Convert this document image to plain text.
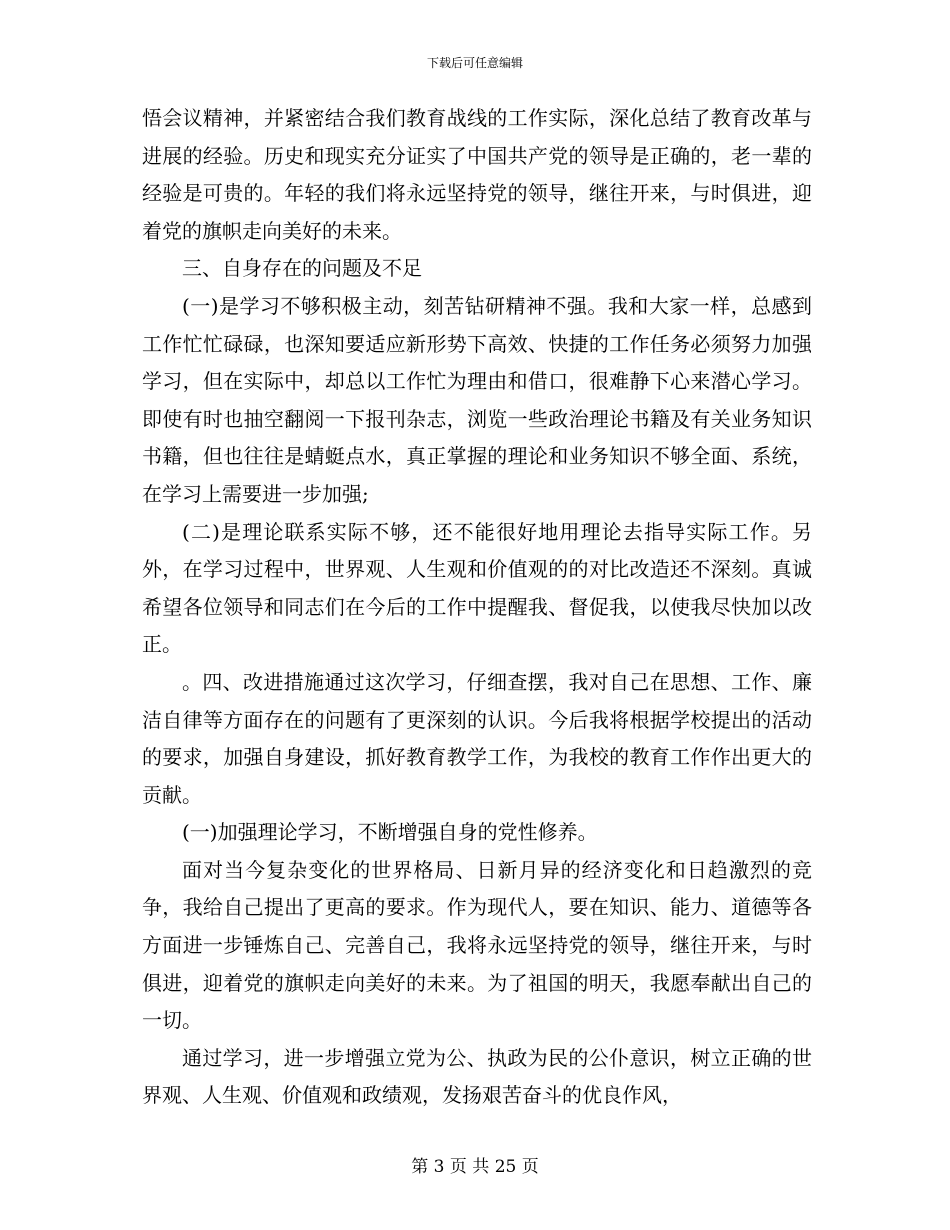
下载后可任意编辑

悟会议精神，并紧密结合我们教育战线的工作实际，深化总结了教育改革与进展的经验。历史和现实充分证实了中国共产党的领导是正确的，老一辈的经验是可贵的。年轻的我们将永远坚持党的领导，继往开来，与时俱进，迎着党的旗帜走向美好的未来。

三、自身存在的问题及不足

(一)是学习不够积极主动，刻苦钻研精神不强。我和大家一样，总感到工作忙忙碌碌，也深知要适应新形势下高效、快捷的工作任务必须努力加强学习，但在实际中，却总以工作忙为理由和借口，很难静下心来潜心学习。即使有时也抽空翻阅一下报刊杂志，浏览一些政治理论书籍及有关业务知识书籍，但也往往是蜻蜓点水，真正掌握的理论和业务知识不够全面、系统，在学习上需要进一步加强;

(二)是理论联系实际不够，还不能很好地用理论去指导实际工作。另外，在学习过程中，世界观、人生观和价值观的的对比改造还不深刻。真诚希望各位领导和同志们在今后的工作中提醒我、督促我，以使我尽快加以改正。

。四、改进措施通过这次学习，仔细查摆，我对自己在思想、工作、廉洁自律等方面存在的问题有了更深刻的认识。今后我将根据学校提出的活动的要求，加强自身建设，抓好教育教学工作，为我校的教育工作作出更大的贡献。

(一)加强理论学习，不断增强自身的党性修养。

面对当今复杂变化的世界格局、日新月异的经济变化和日趋激烈的竞争，我给自己提出了更高的要求。作为现代人，要在知识、能力、道德等各方面进一步锤炼自己、完善自己，我将永远坚持党的领导，继往开来，与时俱进，迎着党的旗帜走向美好的未来。为了祖国的明天，我愿奉献出自己的一切。

通过学习，进一步增强立党为公、执政为民的公仆意识，树立正确的世界观、人生观、价值观和政绩观，发扬艰苦奋斗的优良作风，

第 3 页 共 25 页
